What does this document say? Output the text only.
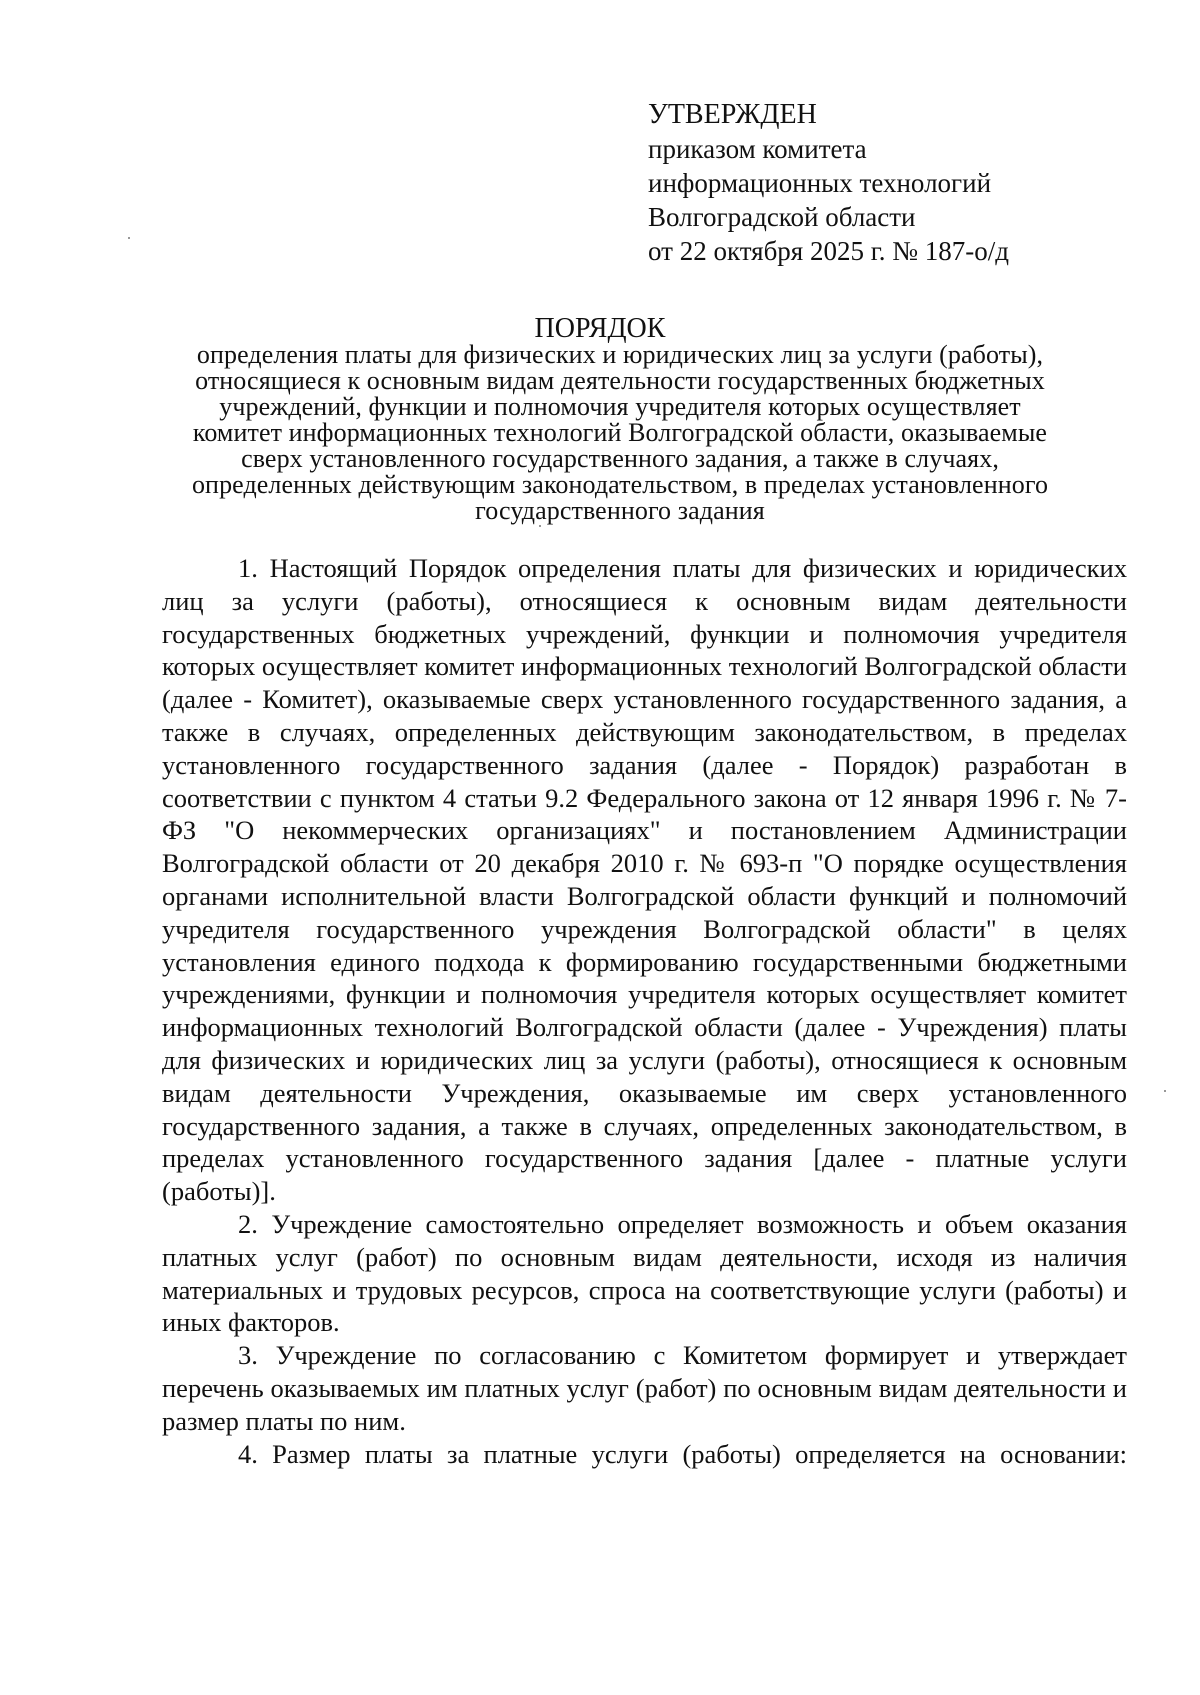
УТВЕРЖДЕН
приказом комитета
информационных технологий
Волгоградской области
от 22 октября 2025 г. № 187-о/д
ПОРЯДОК
определения платы для физических и юридических лиц за услуги (работы),
относящиеся к основным видам деятельности государственных бюджетных
учреждений, функции и полномочия учредителя которых осуществляет
комитет информационных технологий Волгоградской области, оказываемые
сверх установленного государственного задания, а также в случаях,
определенных действующим законодательством, в пределах установленного
государственного задания

1. Настоящий Порядок определения платы для физических и юридических лиц за услуги (работы), относящиеся к основным видам деятельности государственных бюджетных учреждений, функции и полномочия учредителя которых осуществляет комитет информационных технологий Волгоградской области (далее - Комитет), оказываемые сверх установленного государственного задания, а также в случаях, определенных действующим законодательством, в пределах установленного государственного задания (далее - Порядок) разработан в соответствии с пунктом 4 статьи 9.2 Федерального закона от 12 января 1996 г. № 7-ФЗ "О некоммерческих организациях" и постановлением Администрации Волгоградской области от 20 декабря 2010 г. № 693-п "О порядке осуществления органами исполнительной власти Волгоградской области функций и полномочий учредителя государственного учреждения Волгоградской области" в целях установления единого подхода к формированию государственными бюджетными учреждениями, функции и полномочия учредителя которых осуществляет комитет информационных технологий Волгоградской области (далее - Учреждения) платы для физических и юридических лиц за услуги (работы), относящиеся к основным видам деятельности Учреждения, оказываемые им сверх установленного государственного задания, а также в случаях, определенных законодательством, в пределах установленного государственного задания [далее - платные услуги (работы)].

2. Учреждение самостоятельно определяет возможность и объем оказания платных услуг (работ) по основным видам деятельности, исходя из наличия материальных и трудовых ресурсов, спроса на соответствующие услуги (работы) и иных факторов.

3. Учреждение по согласованию с Комитетом формирует и утверждает перечень оказываемых им платных услуг (работ) по основным видам деятельности и размер платы по ним.

4. Размер платы за платные услуги (работы) определяется на основании:
